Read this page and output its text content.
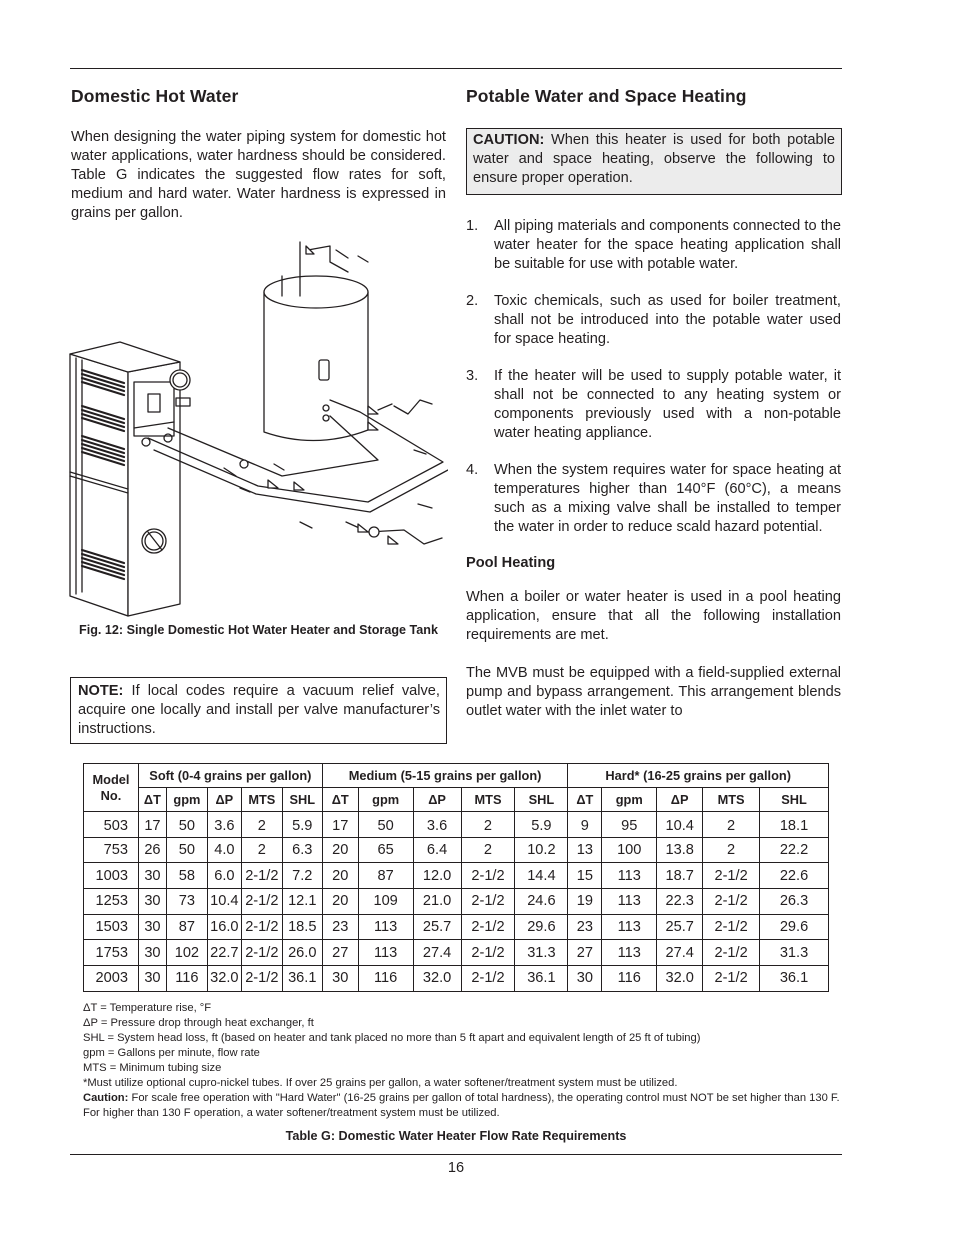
Domestic Hot Water

When designing the water piping system for domestic hot water applications, water hardness should be considered. Table G indicates the suggested flow rates for soft, medium and hard water. Water hardness is expressed in grains per gallon.

Fig. 12: Single Domestic Hot Water Heater and Storage Tank
NOTE: If local codes require a vacuum relief valve, acquire one locally and install per valve manufacturer’s instructions.
Potable Water and Space Heating
CAUTION: When this heater is used for both potable water and space heating, observe the following to ensure proper operation.
1. All piping materials and components connected to the water heater for the space heating application shall be suitable for use with potable water.
2. Toxic chemicals, such as used for boiler treatment, shall not be introduced into the potable water used for space heating.
3. If the heater will be used to supply potable water, it shall not be connected to any heating system or components previously used with a non-potable water heating appliance.
4. When the system requires water for space heating at temperatures higher than 140°F (60°C), a means such as a mixing valve shall be installed to temper the water in order to reduce scald hazard potential.
Pool Heating

When a boiler or water heater is used in a pool heating application, ensure that all the following installation requirements are met.

The MVB must be equipped with a field-supplied external pump and bypass arrangement. This arrangement blends outlet water with the inlet water to

Model No.	Soft (0-4 grains per gallon)					Medium (5-15 grains per gallon)					Hard* (16-25 grains per gallon)				
	ΔT	gpm	ΔP	MTS	SHL	ΔT	gpm	ΔP	MTS	SHL	ΔT	gpm	ΔP	MTS	SHL
503	17	50	3.6	2	5.9	17	50	3.6	2	5.9	9	95	10.4	2	18.1
753	26	50	4.0	2	6.3	20	65	6.4	2	10.2	13	100	13.8	2	22.2
1003	30	58	6.0	2-1/2	7.2	20	87	12.0	2-1/2	14.4	15	113	18.7	2-1/2	22.6
1253	30	73	10.4	2-1/2	12.1	20	109	21.0	2-1/2	24.6	19	113	22.3	2-1/2	26.3
1503	30	87	16.0	2-1/2	18.5	23	113	25.7	2-1/2	29.6	23	113	25.7	2-1/2	29.6
1753	30	102	22.7	2-1/2	26.0	27	113	27.4	2-1/2	31.3	27	113	27.4	2-1/2	31.3
2003	30	116	32.0	2-1/2	36.1	30	116	32.0	2-1/2	36.1	30	116	32.0	2-1/2	36.1
ΔT = Temperature rise, °F
ΔP = Pressure drop through heat exchanger, ft
SHL = System head loss, ft (based on heater and tank placed no more than 5 ft apart and equivalent length of 25 ft of tubing)
gpm = Gallons per minute, flow rate
MTS = Minimum tubing size
*Must utilize optional cupro-nickel tubes. If over 25 grains per gallon, a water softener/treatment system must be utilized.
Caution: For scale free operation with "Hard Water" (16-25 grains per gallon of total hardness), the operating control must NOT be set higher than 130 F. For higher than 130 F operation, a water softener/treatment system must be utilized.
Table G: Domestic Water Heater Flow Rate Requirements
16
